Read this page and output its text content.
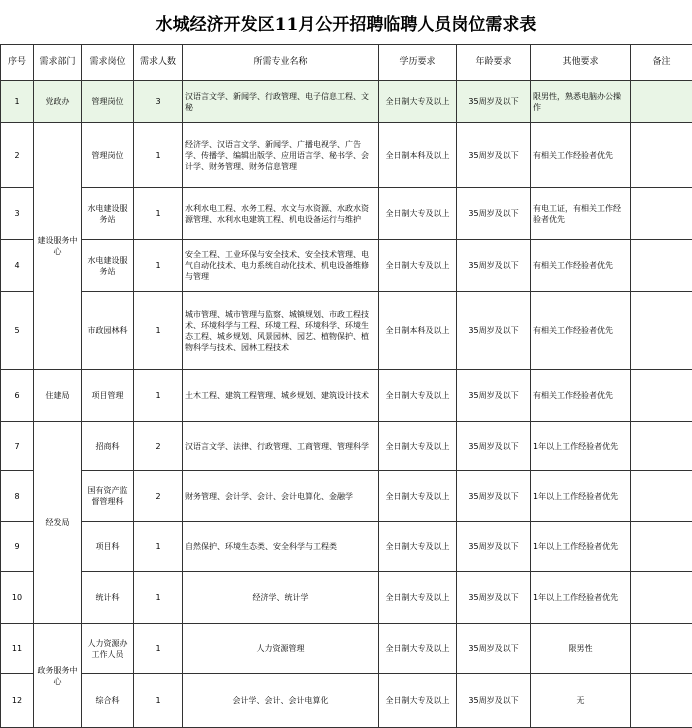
水城经济开发区11月公开招聘临聘人员岗位需求表
序号	需求部门	需求岗位	需求人数	所需专业名称	学历要求	年龄要求	其他要求	备注
1	党政办	管理岗位	3	汉语言文学、新闻学、行政管理、电子信息工程、文秘	全日制大专及以上	35周岁及以下	限男性，熟悉电脑办公操作	
2	建设服务中心	管理岗位	1	经济学、汉语言文学、新闻学、广播电视学、广告学、传播学、编辑出版学、应用语言学、秘书学、会计学、财务管理、财务信息管理	全日制本科及以上	35周岁及以下	有相关工作经验者优先	
3		水电建设服务站	1	水利水电工程、水务工程、水文与水资源、水政水资源管理、水利水电建筑工程、机电设备运行与维护	全日制大专及以上	35周岁及以下	有电工证，有相关工作经验者优先	
4		水电建设服务站	1	安全工程、工业环保与安全技术、安全技术管理、电气自动化技术、电力系统自动化技术、机电设备维修与管理	全日制大专及以上	35周岁及以下	有相关工作经验者优先	
5		市政园林科	1	城市管理、城市管理与监察、城镇规划、市政工程技术、环境科学与工程、环境工程、环境科学、环境生态工程、城乡规划、风景园林、园艺、植物保护、植物科学与技术、园林工程技术	全日制本科及以上	35周岁及以下	有相关工作经验者优先	
6	住建局	项目管理	1	土木工程、建筑工程管理、城乡规划、建筑设计技术	全日制大专及以上	35周岁及以下	有相关工作经验者优先	
7	经发局	招商科	2	汉语言文学、法律、行政管理、工商管理、管理科学	全日制大专及以上	35周岁及以下	1年以上工作经验者优先	
8		国有资产监督管理科	2	财务管理、会计学、会计、会计电算化、金融学	全日制大专及以上	35周岁及以下	1年以上工作经验者优先	
9		项目科	1	自然保护、环境生态类、安全科学与工程类	全日制大专及以上	35周岁及以下	1年以上工作经验者优先	
10		统计科	1	经济学、统计学	全日制大专及以上	35周岁及以下	1年以上工作经验者优先	
11	政务服务中心	人力资源办工作人员	1	人力资源管理	全日制大专及以上	35周岁及以下	限男性	
12		综合科	1	会计学、会计、会计电算化	全日制大专及以上	35周岁及以下	无	
